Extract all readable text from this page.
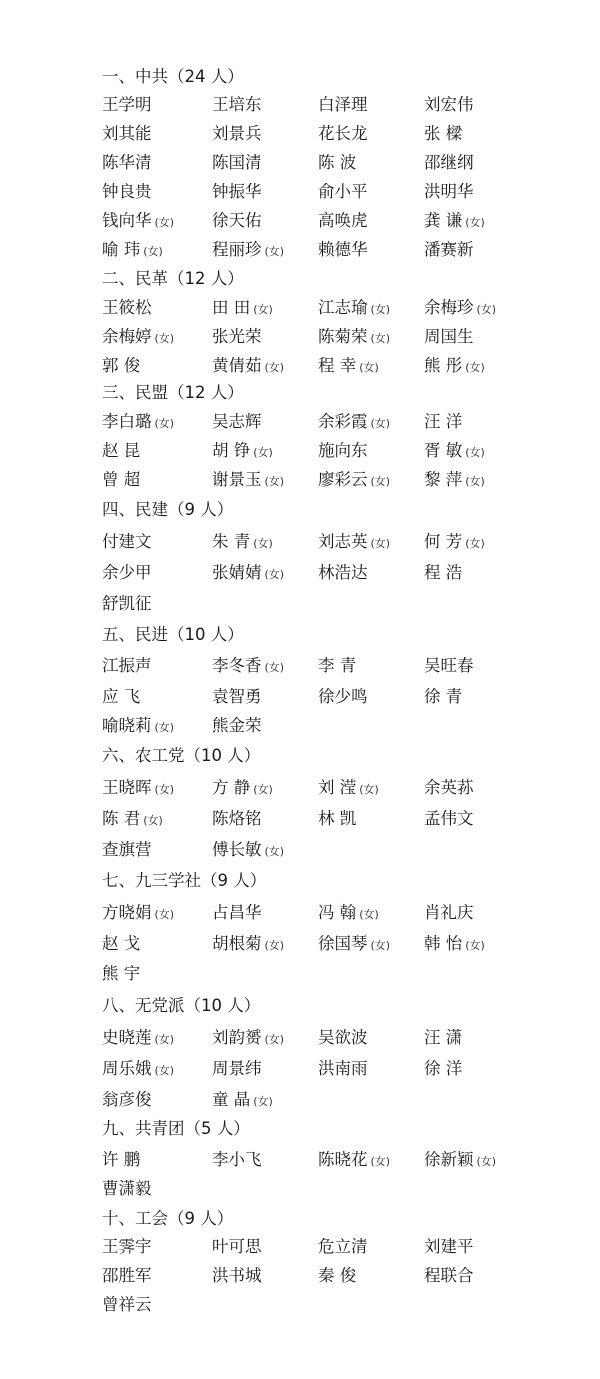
一、中共（24 人）
王学明	王培东	白泽理	刘宏伟
刘其能	刘景兵	花长龙	张 樑
陈华清	陈国清	陈 波	邵继纲
钟良贵	钟振华	俞小平	洪明华
钱向华 (女) 徐天佑	高唤虎	龚 谦 (女)
喻 玮 (女)	程丽珍 (女) 赖德华	潘赛新
二、民革（12 人）
王筱松	田 田 (女)	江志瑜 (女) 余梅珍 (女)
余梅婷 (女) 张光荣	陈菊荣 (女) 周国生
郭 俊	黄倩茹 (女) 程 幸 (女)	熊 彤 (女)
三、民盟（12 人）
李白璐 (女) 吴志辉	余彩霞 (女) 汪 洋
赵 昆	胡 铮 (女)	施向东	胥 敏 (女)
曾 超	谢景玉 (女) 廖彩云 (女) 黎 萍 (女)
四、民建（9 人）
付建文	朱 青 (女)	刘志英 (女) 何 芳 (女)
余少甲	张婧婧 (女) 林浩达	程 浩
舒凯征
五、民进（10 人）
江振声	李冬香 (女) 李 青	吴旺春
应 飞	袁智勇	徐少鸣	徐 青
喻晓莉 (女) 熊金荣
六、农工党（10 人）
王晓晖 (女) 方 静 (女)	刘 滢 (女)	余英荪
陈 君 (女)	陈烙铭	林 凯	孟伟文
查旗营	傅长敏 (女)
七、九三学社（9 人）
方晓娟 (女) 占昌华	冯 翰 (女)	肖礼庆
赵 戈	胡根菊 (女) 徐国琴 (女) 韩 怡 (女)
熊 宇
八、无党派（10 人）
史晓莲 (女) 刘韵赟 (女) 吴欲波	汪 潇
周乐娥 (女) 周景纬	洪南雨	徐 洋
翁彦俊	童 晶 (女)
九、共青团（5 人）
许 鹏	李小飞	陈晓花 (女) 徐新颖 (女)
曹潇毅
十、工会（9 人）
王霁宇	叶可思	危立清	刘建平
邵胜军	洪书城	秦 俊	程联合
曾祥云
